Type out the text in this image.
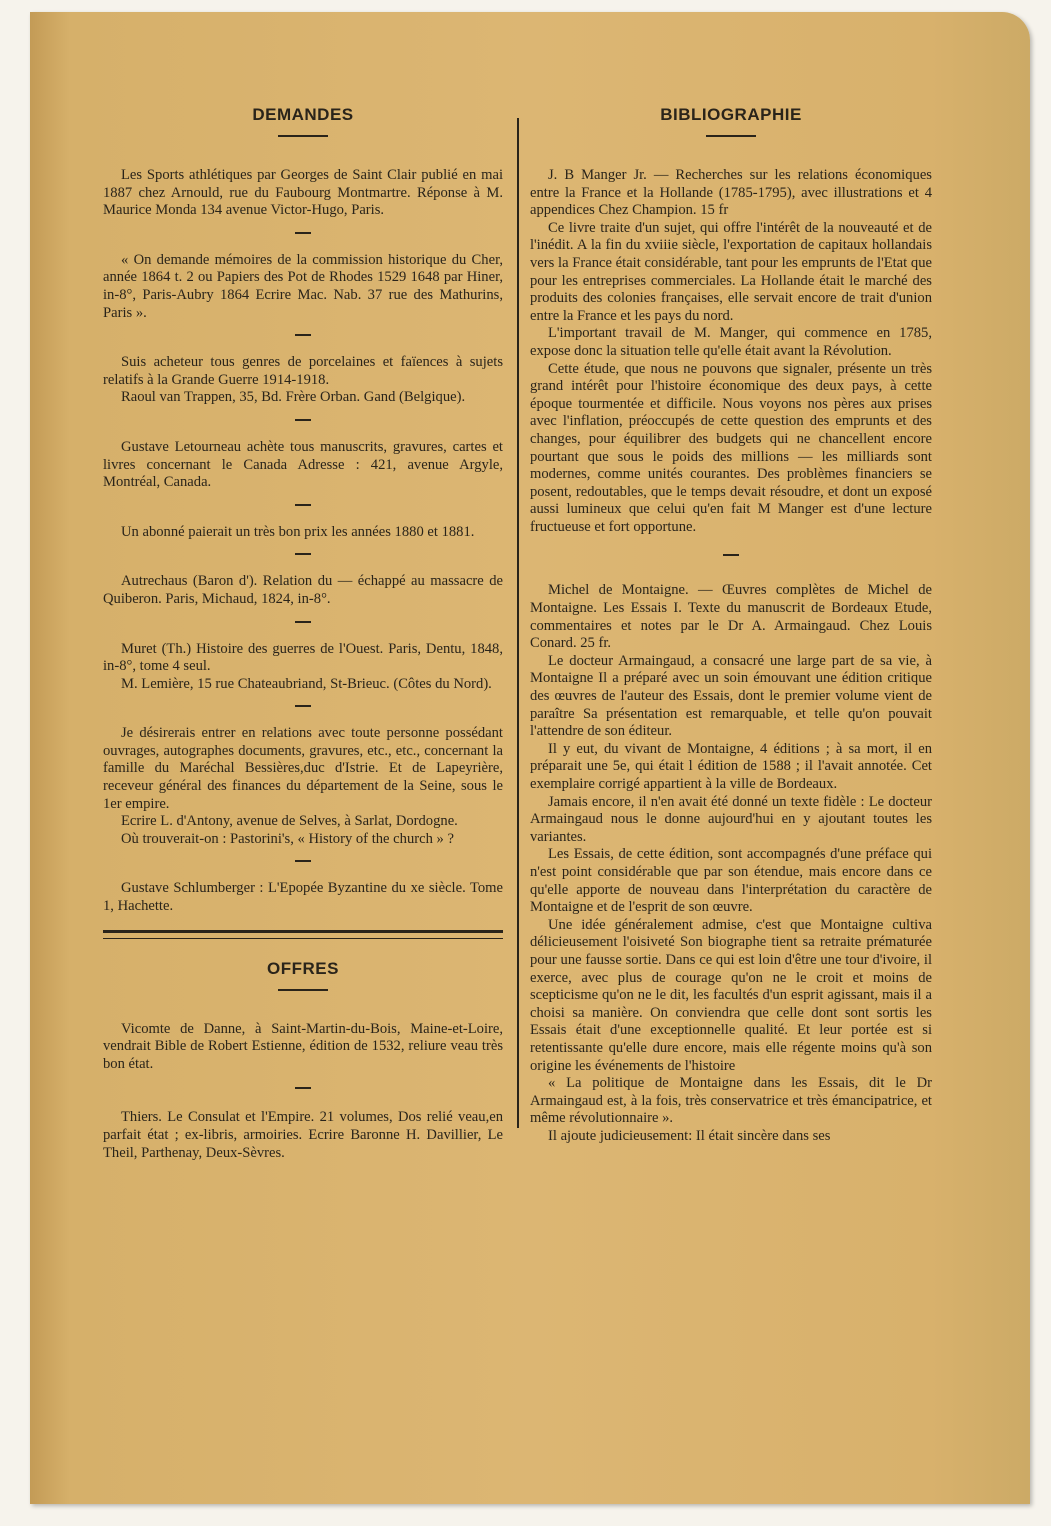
DEMANDES

Les Sports athlétiques par Georges de Saint Clair publié en mai 1887 chez Arnould, rue du Faubourg Montmartre. Réponse à M. Maurice Monda 134 avenue Victor-Hugo, Paris.

« On demande mémoires de la commission historique du Cher, année 1864 t. 2 ou Papiers des Pot de Rhodes 1529 1648 par Hiner, in-8°, Paris-Aubry 1864 Ecrire Mac. Nab. 37 rue des Mathurins, Paris ».

Suis acheteur tous genres de porcelaines et faïences à sujets relatifs à la Grande Guerre 1914-1918.

Raoul van Trappen, 35, Bd. Frère Orban. Gand (Belgique).

Gustave Letourneau achète tous manuscrits, gravures, cartes et livres concernant le Canada Adresse : 421, avenue Argyle, Montréal, Canada.

Un abonné paierait un très bon prix les années 1880 et 1881.

Autrechaus (Baron d'). Relation du — échappé au massacre de Quiberon. Paris, Michaud, 1824, in-8°.

Muret (Th.) Histoire des guerres de l'Ouest. Paris, Dentu, 1848, in-8°, tome 4 seul.

M. Lemière, 15 rue Chateaubriand, St-Brieuc. (Côtes du Nord).

Je désirerais entrer en relations avec toute personne possédant ouvrages, autographes documents, gravures, etc., etc., concernant la famille du Maréchal Bessières,duc d'Istrie. Et de Lapeyrière, receveur général des finances du département de la Seine, sous le 1er empire.

Ecrire L. d'Antony, avenue de Selves, à Sarlat, Dordogne.

Où trouverait-on : Pastorini's, « History of the church » ?

Gustave Schlumberger : L'Epopée Byzantine du xe siècle. Tome 1, Hachette.

OFFRES

Vicomte de Danne, à Saint-Martin-du-Bois, Maine-et-Loire, vendrait Bible de Robert Estienne, édition de 1532, reliure veau très bon état.

Thiers. Le Consulat et l'Empire. 21 volumes, Dos relié veau,en parfait état ; ex-libris, armoiries. Ecrire Baronne H. Davillier, Le Theil, Parthenay, Deux-Sèvres.

BIBLIOGRAPHIE

J. B Manger Jr. — Recherches sur les relations économiques entre la France et la Hollande (1785-1795), avec illustrations et 4 appendices Chez Champion. 15 fr

Ce livre traite d'un sujet, qui offre l'intérêt de la nouveauté et de l'inédit. A la fin du xviiie siècle, l'exportation de capitaux hollandais vers la France était considérable, tant pour les emprunts de l'Etat que pour les entreprises commerciales. La Hollande était le marché des produits des colonies françaises, elle servait encore de trait d'union entre la France et les pays du nord.

L'important travail de M. Manger, qui commence en 1785, expose donc la situation telle qu'elle était avant la Révolution.

Cette étude, que nous ne pouvons que signaler, présente un très grand intérêt pour l'histoire économique des deux pays, à cette époque tourmentée et difficile. Nous voyons nos pères aux prises avec l'inflation, préoccupés de cette question des emprunts et des changes, pour équilibrer des budgets qui ne chancellent encore pourtant que sous le poids des millions — les milliards sont modernes, comme unités courantes. Des problèmes financiers se posent, redoutables, que le temps devait résoudre, et dont un exposé aussi lumineux que celui qu'en fait M Manger est d'une lecture fructueuse et fort opportune.

Michel de Montaigne. — Œuvres complètes de Michel de Montaigne. Les Essais I. Texte du manuscrit de Bordeaux Etude, commentaires et notes par le Dr A. Armaingaud. Chez Louis Conard. 25 fr.

Le docteur Armaingaud, a consacré une large part de sa vie, à Montaigne Il a préparé avec un soin émouvant une édition critique des œuvres de l'auteur des Essais, dont le premier volume vient de paraître Sa présentation est remarquable, et telle qu'on pouvait l'attendre de son éditeur.

Il y eut, du vivant de Montaigne, 4 éditions ; à sa mort, il en préparait une 5e, qui était l édition de 1588 ; il l'avait annotée. Cet exemplaire corrigé appartient à la ville de Bordeaux.

Jamais encore, il n'en avait été donné un texte fidèle : Le docteur Armaingaud nous le donne aujourd'hui en y ajoutant toutes les variantes.

Les Essais, de cette édition, sont accompagnés d'une préface qui n'est point considérable que par son étendue, mais encore dans ce qu'elle apporte de nouveau dans l'interprétation du caractère de Montaigne et de l'esprit de son œuvre.

Une idée généralement admise, c'est que Montaigne cultiva délicieusement l'oisiveté Son biographe tient sa retraite prématurée pour une fausse sortie. Dans ce qui est loin d'être une tour d'ivoire, il exerce, avec plus de courage qu'on ne le croit et moins de scepticisme qu'on ne le dit, les facultés d'un esprit agissant, mais il a choisi sa manière. On conviendra que celle dont sont sortis les Essais était d'une exceptionnelle qualité. Et leur portée est si retentissante qu'elle dure encore, mais elle régente moins qu'à son origine les événements de l'histoire

« La politique de Montaigne dans les Essais, dit le Dr Armaingaud est, à la fois, très conservatrice et très émancipatrice, et même révolutionnaire ».

Il ajoute judicieusement: Il était sincère dans ses
